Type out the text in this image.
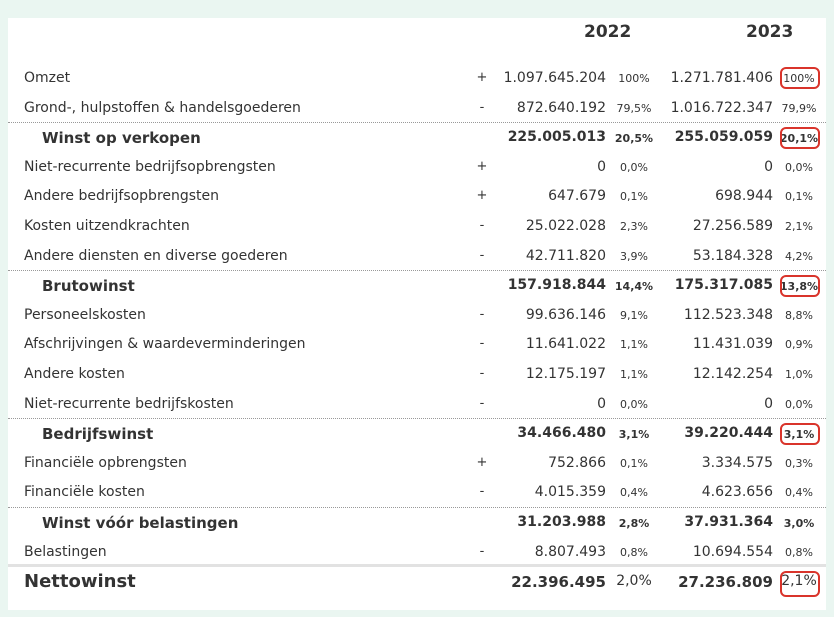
2022	2023
Omzet	+	1.097.645.204	100%	1.271.781.406 100%
Grond-, hulpstoffen & handelsgoederen	-	872.640.192 79,5%	1.016.722.347 79,9%
Winst op verkopen	225.005.013 20,5%	255.059.059 20,1%
Niet-recurrente bedrijfsopbrengsten	+	0	0,0%	0	0,0%
Andere bedrijfsopbrengsten	+	647.679	0,1%	698.944	0,1%
Kosten uitzendkrachten	-	25.022.028	2,3%	27.256.589	2,1%
Andere diensten en diverse goederen	-	42.711.820	3,9%	53.184.328	4,2%
Brutowinst	157.918.844 14,4%	175.317.085 13,8%
Personeelskosten	-	99.636.146	9,1%	112.523.348	8,8%
Afschrijvingen & waardeverminderingen	-	11.641.022	1,1%	11.431.039	0,9%
Andere kosten	-	12.175.197	1,1%	12.142.254	1,0%
Niet-recurrente bedrijfskosten	-	0	0,0%	0	0,0%
Bedrijfswinst	34.466.480	3,1%	39.220.444 3,1%
Financiële opbrengsten	+	752.866	0,1%	3.334.575	0,3%
Financiële kosten	-	4.015.359	0,4%	4.623.656	0,4%
Winst vóór belastingen	31.203.988	2,8%	37.931.364 3,0%
Belastingen	-	8.807.493	0,8%	10.694.554	0,8%
Nettowinst	22.396.495 2,0%	27.236.809 2,1%
